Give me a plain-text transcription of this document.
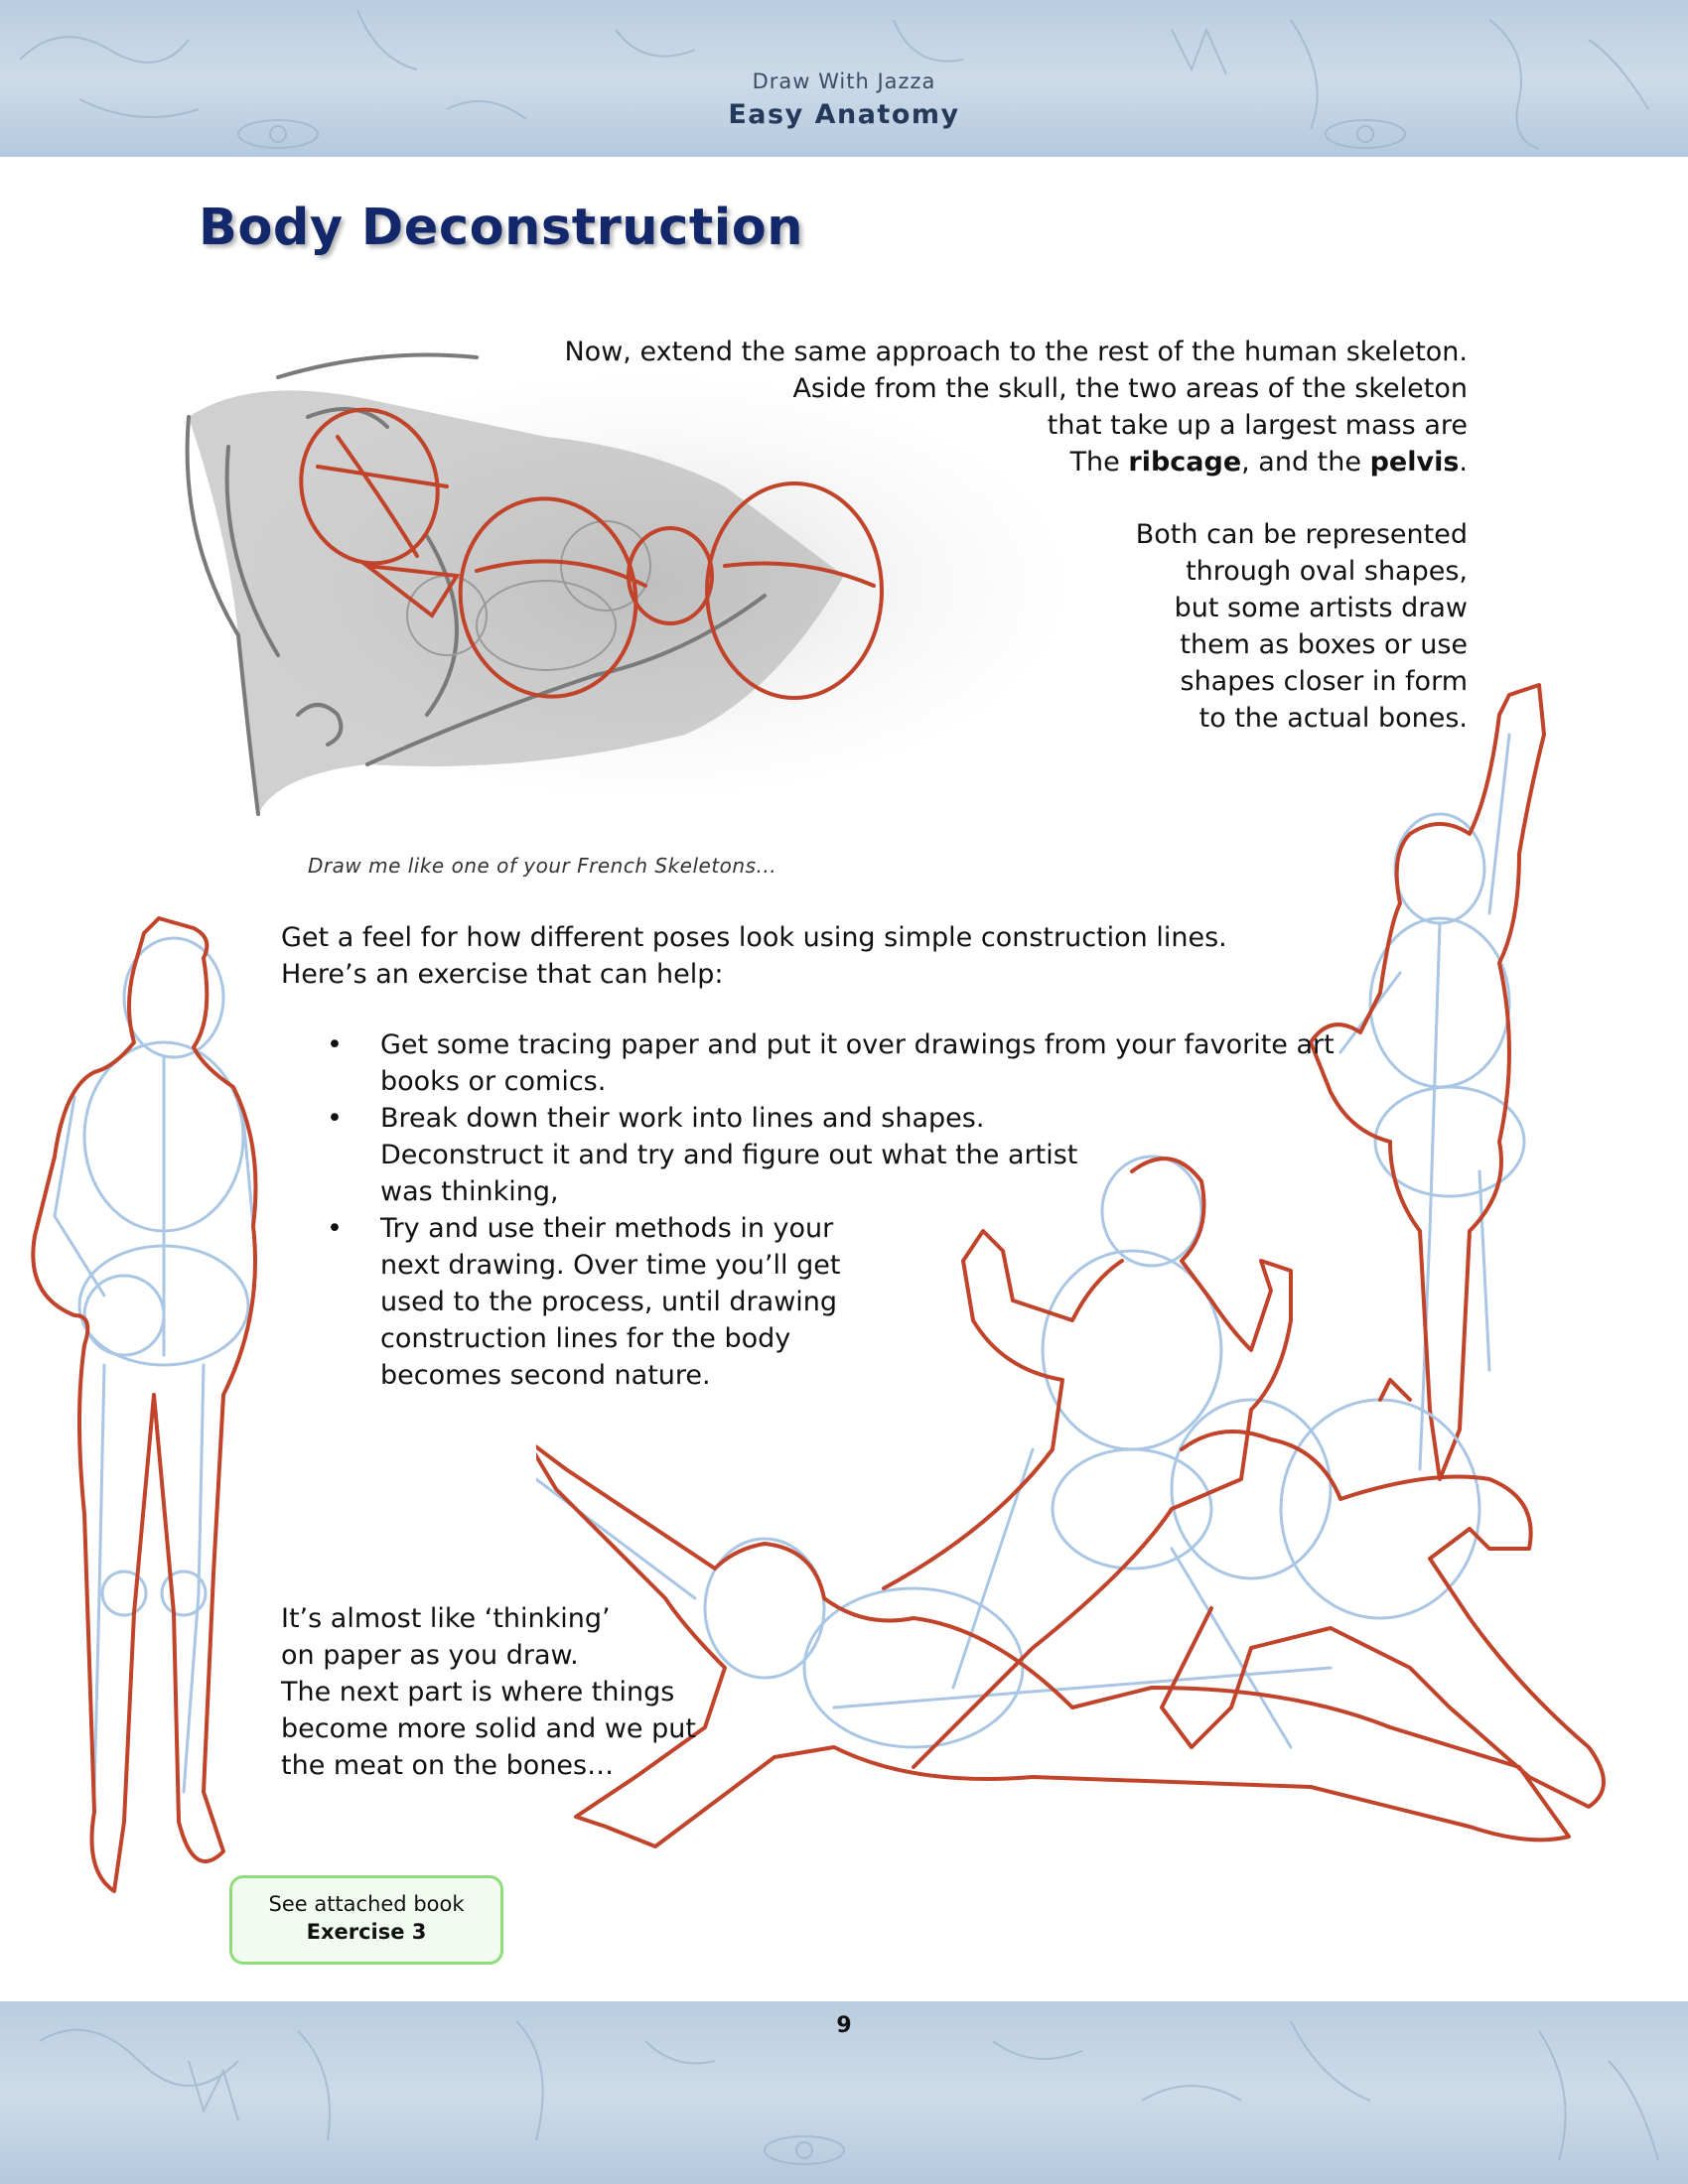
Draw With Jazza
Easy Anatomy
Body Deconstruction
Draw me like one of your French Skeletons...

Now, extend the same approach to the rest of the human skeleton.

Aside from the skull, the two areas of the skeleton

that take up a largest mass are

The ribcage, and the pelvis.

Both can be represented

through oval shapes,

but some artists draw

them as boxes or use

shapes closer in form

to the actual bones.

Get a feel for how different poses look using simple construction lines.

Here’s an exercise that can help:

• Get some tracing paper and put it over drawings from your favorite art books or comics.
• Break down their work into lines and shapes. Deconstruct it and try and figure out what the artist was thinking,
• Try and use their methods in your next drawing. Over time you’ll get used to the process, until drawing construction lines for the body becomes second nature.

It’s almost like ‘thinking’

on paper as you draw.

The next part is where things

become more solid and we put

the meat on the bones…

See attached book
Exercise 3
9
